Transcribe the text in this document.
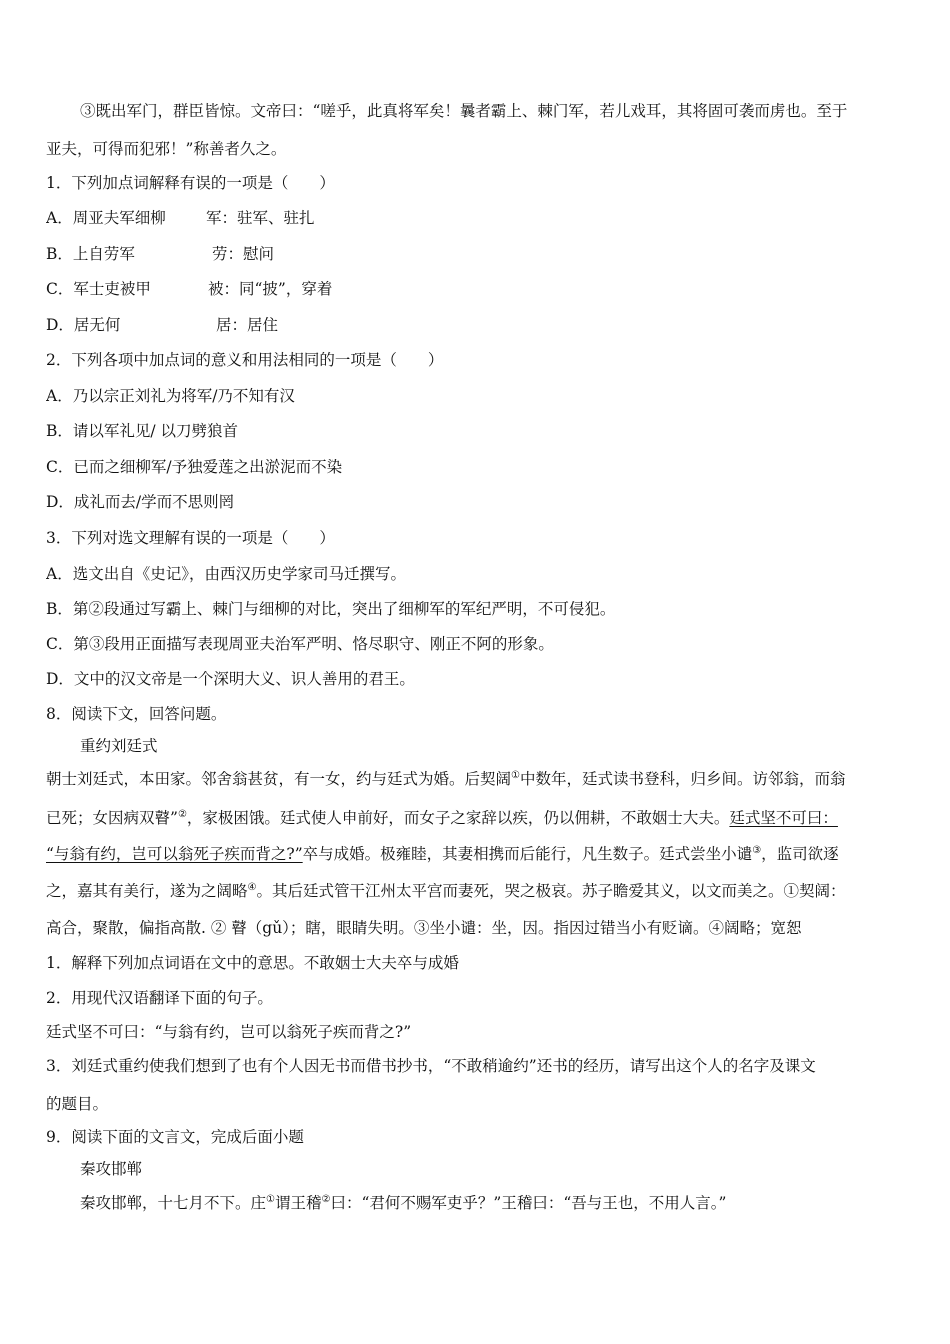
③既出军门，群臣皆惊。文帝曰：“嗟乎，此真将军矣！曩者霸上、棘门军，若儿戏耳，其将固可袭而虏也。至于
亚夫，可得而犯邪！”称善者久之。
1．下列加点词解释有误的一项是（　　）
A．周亚夫军细柳	军：驻军、驻扎
B．上自劳军	劳：慰问
C．军士吏被甲	被：同“披”，穿着
D．居无何	居：居住
2．下列各项中加点词的意义和用法相同的一项是（　　）
A．乃以宗正刘礼为将军/乃不知有汉
B．请以军礼见/ 以刀劈狼首
C．已而之细柳军/予独爱莲之出淤泥而不染
D．成礼而去/学而不思则罔
3．下列对选文理解有误的一项是（　　）
A．选文出自《史记》，由西汉历史学家司马迁撰写。
B．第②段通过写霸上、棘门与细柳的对比，突出了细柳军的军纪严明，不可侵犯。
C．第③段用正面描写表现周亚夫治军严明、恪尽职守、刚正不阿的形象。
D．文中的汉文帝是一个深明大义、识人善用的君王。
8．阅读下文，回答问题。
重约刘廷式
朝士刘廷式，本田家。邻舍翁甚贫，有一女，约与廷式为婚。后契阔①中数年，廷式读书登科，归乡间。访邻翁，而翁
已死；女因病双瞽”②，家极困饿。廷式使人申前好，而女子之家辞以疾，仍以佣耕，不敢姻士大夫。廷式坚不可曰：
“与翁有约，岂可以翁死子疾而背之?”卒与成婚。极雍睦，其妻相携而后能行，凡生数子。廷式尝坐小谴③，监司欲逐
之，嘉其有美行，遂为之阔略④。其后廷式管干江州太平宫而妻死，哭之极哀。苏子瞻爱其义，以文而美之。①契阔：
高合，聚散，偏指高散. ② 瞽（gǔ）；瞎，眼睛失明。③坐小谴：坐，因。指因过错当小有贬谪。④阔略；宽恕
1．解释下列加点词语在文中的意思。不敢姻士大夫卒与成婚
2．用现代汉语翻译下面的句子。
廷式坚不可曰：“与翁有约，岂可以翁死子疾而背之?”
3．刘廷式重约使我们想到了也有个人因无书而借书抄书，“不敢稍逾约”还书的经历，请写出这个人的名字及课文
的题目。
9．阅读下面的文言文，完成后面小题
秦攻邯郸
秦攻邯郸，十七月不下。庄①谓王稽②曰：“君何不赐军吏乎？”王稽曰：“吾与王也，不用人言。”
